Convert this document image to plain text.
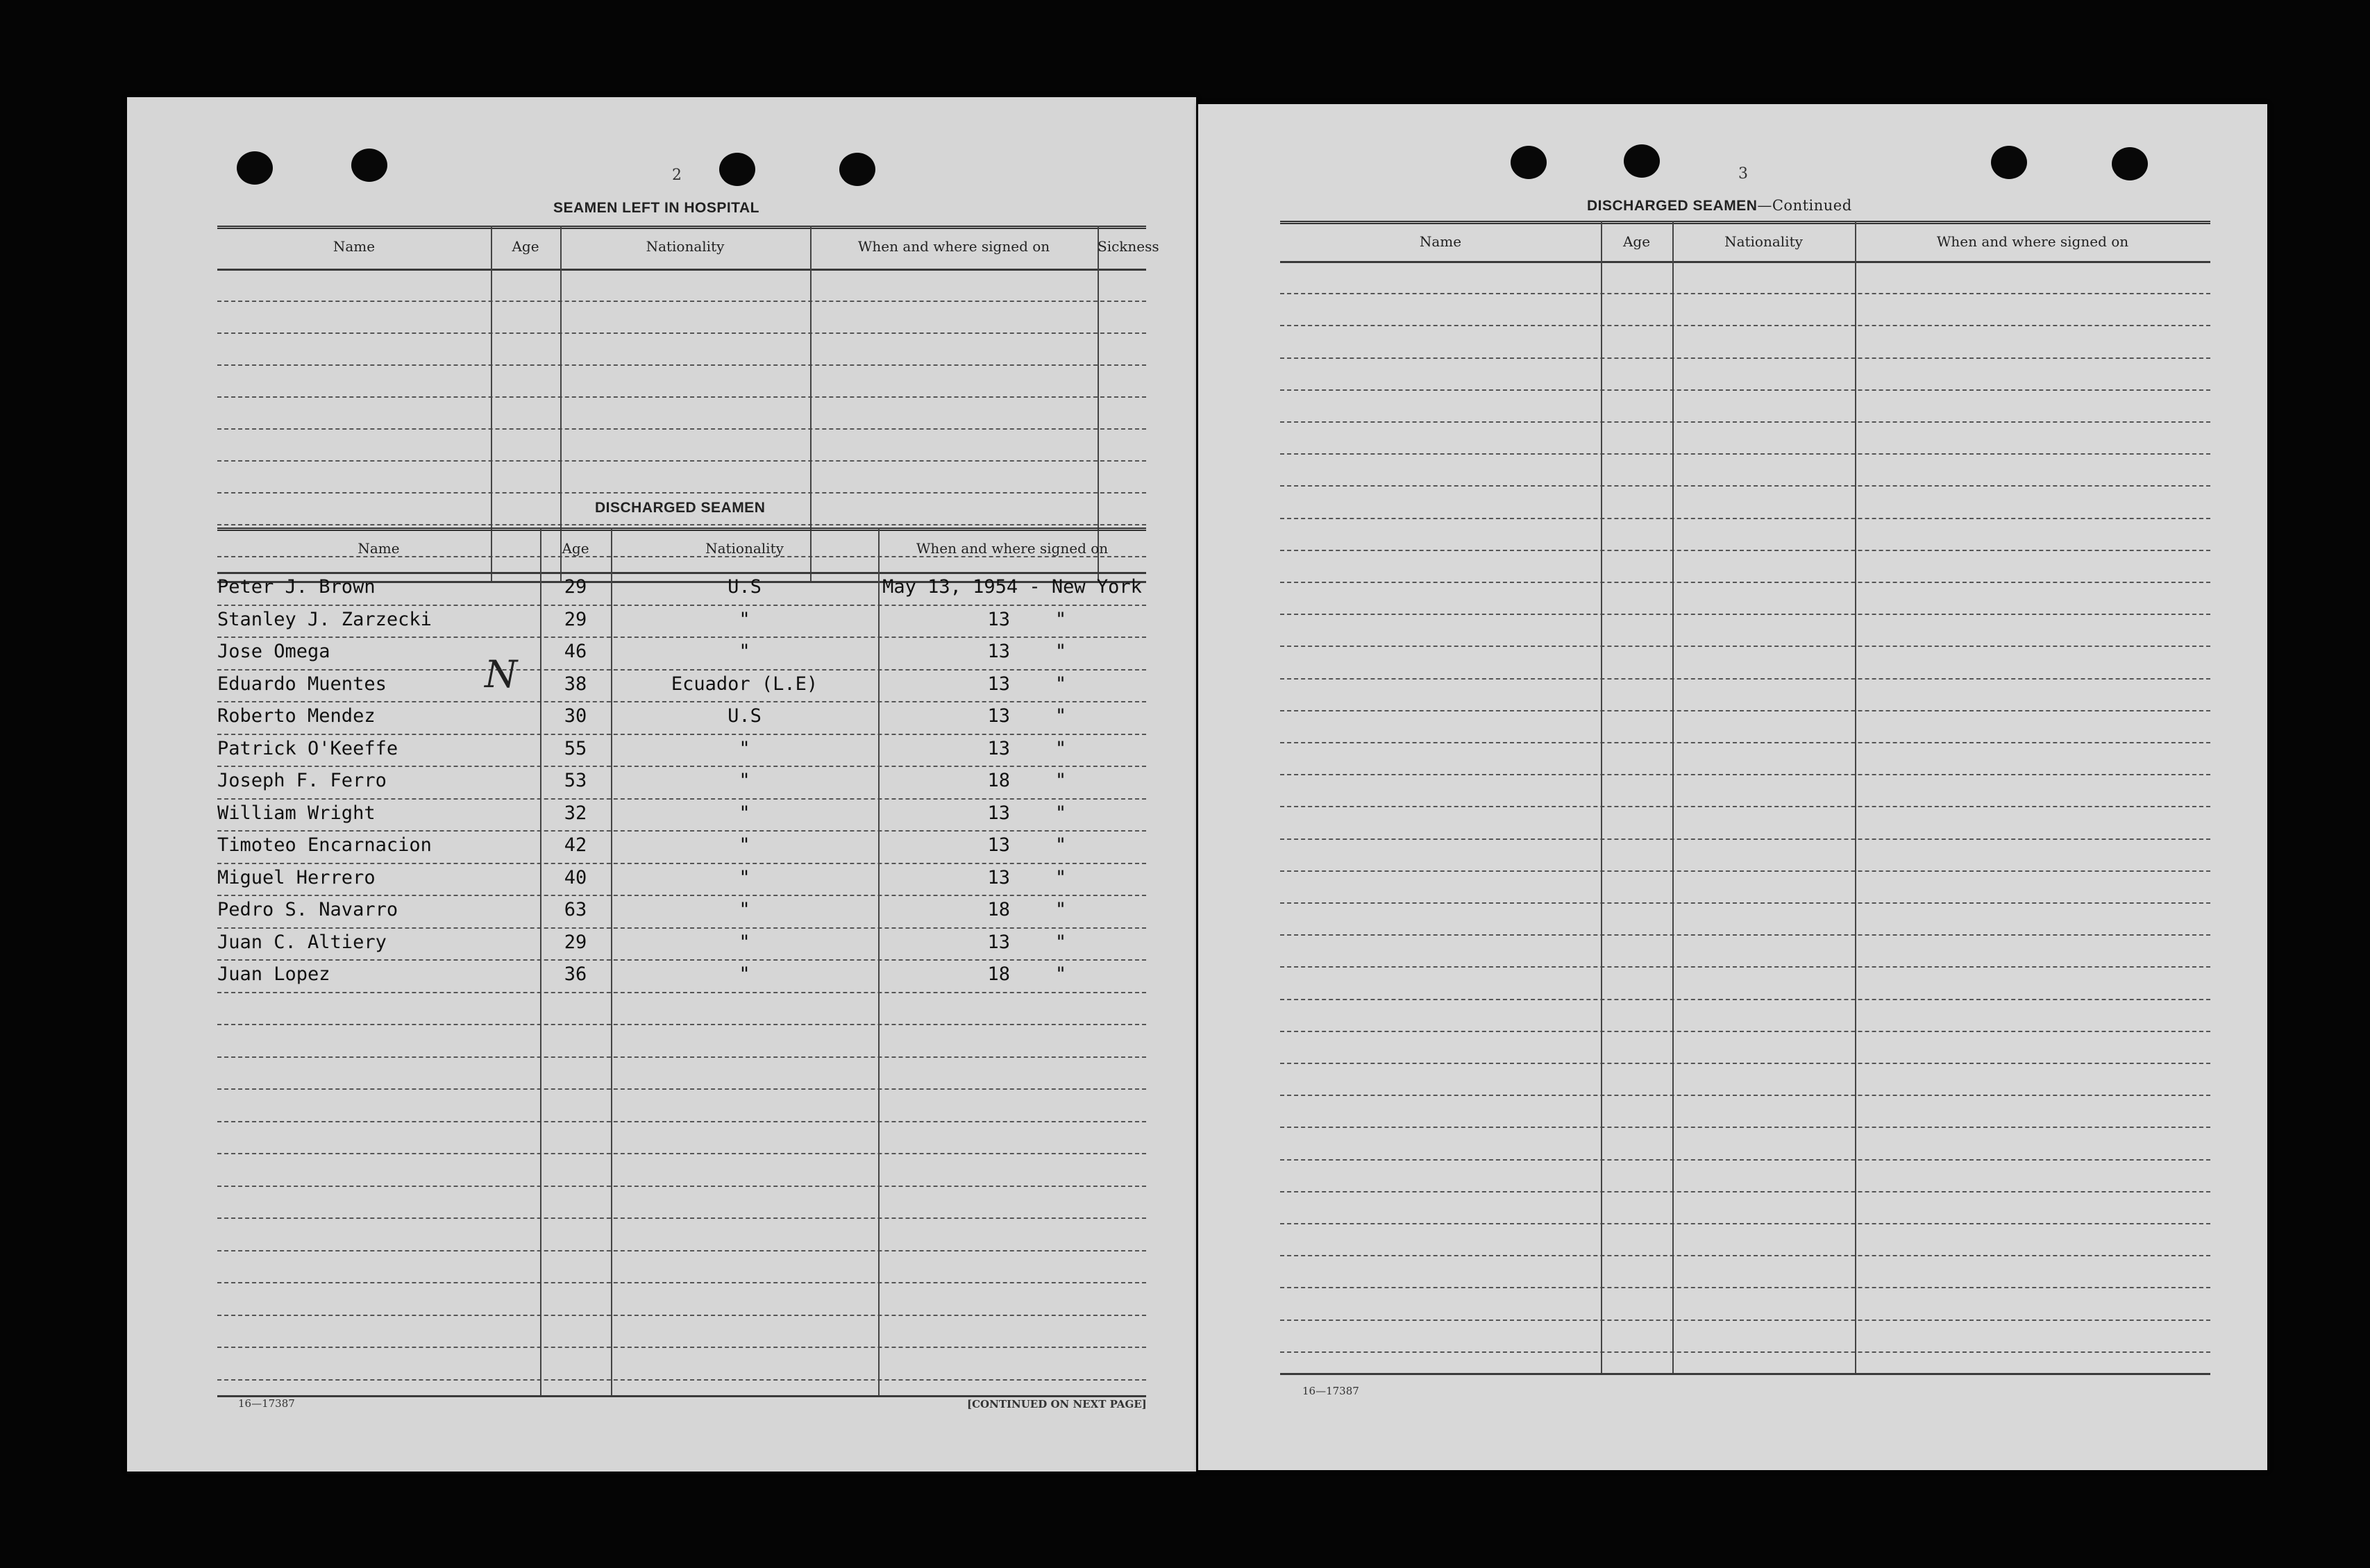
2
SEAMEN LEFT IN HOSPITAL
Name	Age	Nationality	When and where signed on	Sickness
DISCHARGED SEAMEN
Name	Age	Nationality	When and where signed on
Peter J. Brown	29	U.S	May 13, 1954 - New York
Stanley J. Zarzecki	29	"	13	"
Jose Omega	46	"	13	"
Eduardo Muentes	38	Ecuador (L.E)	13	"
Roberto Mendez	30	U.S	13	"
Patrick O'Keeffe	55	"	13	"
Joseph F. Ferro	53	"	18	"
William Wright	32	"	13	"
Timoteo Encarnacion	42	"	13	"
Miguel Herrero	40	"	13	"
Pedro S. Navarro	63	"	18	"
Juan C. Altiery	29	"	13	"
Juan Lopez	36	"	18	"
N
16—17387	[CONTINUED ON NEXT PAGE]
3
DISCHARGED SEAMEN—Continued
Name	Age	Nationality	When and where signed on
16—17387
